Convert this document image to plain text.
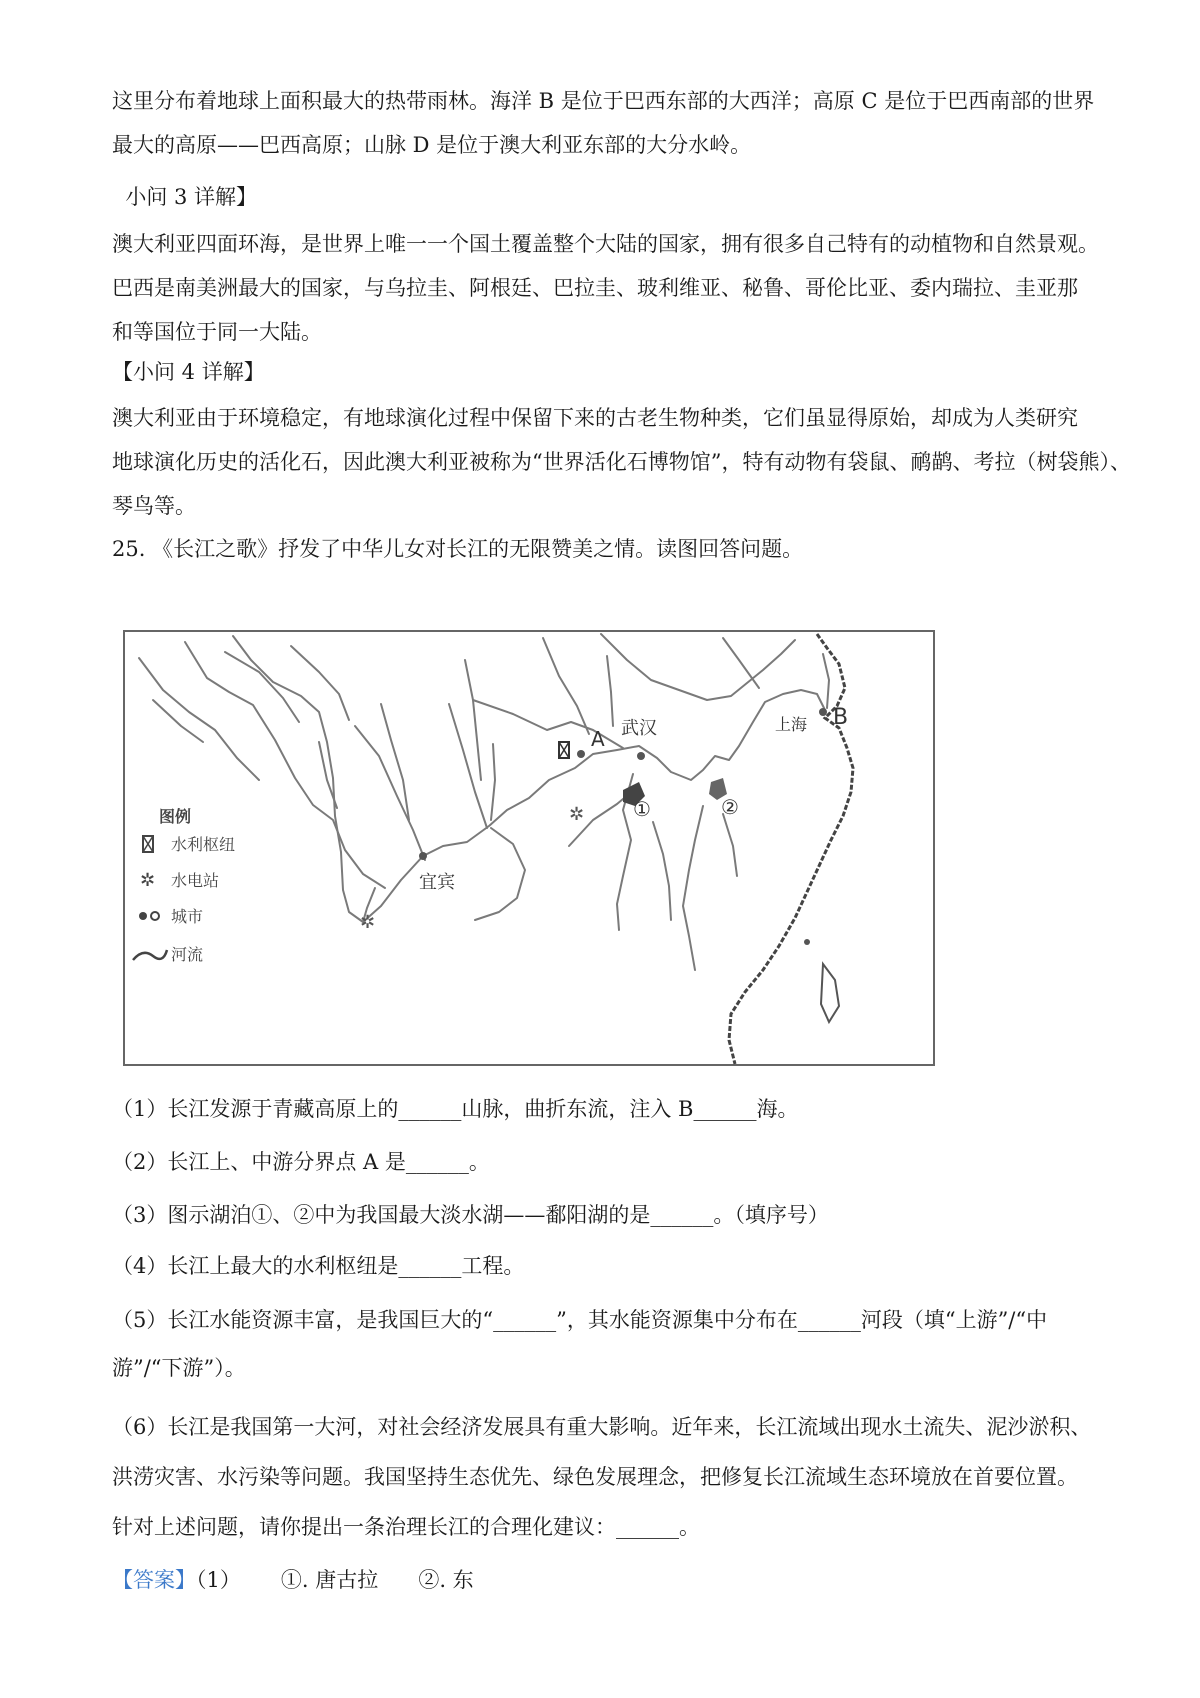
这里分布着地球上面积最大的热带雨林。海洋 B 是位于巴西东部的大西洋；高原 C 是位于巴西南部的世界
最大的高原——巴西高原；山脉 D 是位于澳大利亚东部的大分水岭。
小问 3 详解】
澳大利亚四面环海，是世界上唯一一个国土覆盖整个大陆的国家，拥有很多自己特有的动植物和自然景观。
巴西是南美洲最大的国家，与乌拉圭、阿根廷、巴拉圭、玻利维亚、秘鲁、哥伦比亚、委内瑞拉、圭亚那
和等国位于同一大陆。
【小问 4 详解】
澳大利亚由于环境稳定，有地球演化过程中保留下来的古老生物种类，它们虽显得原始，却成为人类研究
地球演化历史的活化石，因此澳大利亚被称为“世界活化石博物馆”，特有动物有袋鼠、鸸鹋、考拉（树袋熊）、
琴鸟等。
25. 《长江之歌》抒发了中华儿女对长江的无限赞美之情。读图回答问题。
A 武汉	上海 B
宜宾
①	②
✲
✲
图例
水利枢纽
✲ 水电站
城市
河流
（1）长江发源于青藏高原上的______山脉，曲折东流，注入 B______海。
（2）长江上、中游分界点 A 是______。
（3）图示湖泊①、②中为我国最大淡水湖——鄱阳湖的是______。（填序号）
（4）长江上最大的水利枢纽是______工程。
（5）长江水能资源丰富，是我国巨大的“______”，其水能资源集中分布在______河段（填“上游”/“中
游”/“下游”）。
（6）长江是我国第一大河，对社会经济发展具有重大影响。近年来，长江流域出现水土流失、泥沙淤积、
洪涝灾害、水污染等问题。我国坚持生态优先、绿色发展理念，把修复长江流域生态环境放在首要位置。
针对上述问题，请你提出一条治理长江的合理化建议：______。
【答案】（1）      ①. 唐古拉      ②. 东
